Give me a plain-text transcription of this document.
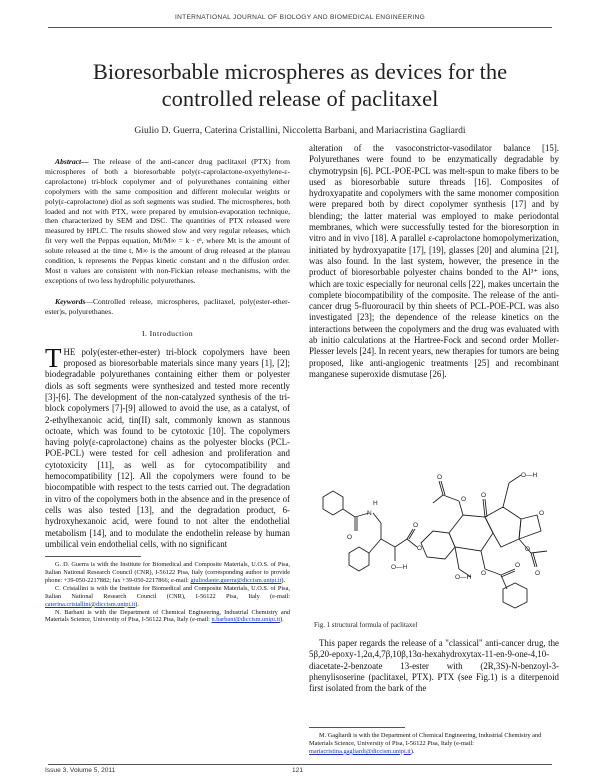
INTERNATIONAL JOURNAL OF BIOLOGY AND BIOMEDICAL ENGINEERING
Bioresorbable microspheres as devices for the
controlled release of paclitaxel
Giulio D. Guerra, Caterina Cristallini, Niccoletta Barbani, and Mariacristina Gagliardi

Abstract— The release of the anti-cancer drug paclitaxel (PTX) from microspheres of both a bioresorbable poly(ε-caprolactone-oxyethylene-ε-caprolactone) tri-block copolymer and of polyurethanes containing either copolymers with the same composition and different molecular weights or poly(ε-caprolactone) diol as soft segments was studied. The microspheres, both loaded and not with PTX, were prepared by emulsion-evaporation technique, then characterized by SEM and DSC. The quantities of PTX released were measured by HPLC. The results showed slow and very regular releases, which fit very well the Peppas equation, Mt/M∞ = k · tⁿ, where Mt is the amount of solute released at the time t, M∞ is the amount of drug released at the plateau condition, k represents the Peppas kinetic constant and n the diffusion order. Most n values are consistent with non-Fickian release mechanisms, with the exceptions of two less hydrophilic polyurethanes.

Keywords—Controlled release, microspheres, paclitaxel, poly(ester-ether-ester)s, polyurethanes.

I. Introduction

THE poly(ester-ether-ester) tri-block copolymers have been proposed as bioresorbable materials since many years [1], [2]; biodegradable polyurethanes containing either them or polyester diols as soft segments were synthesized and tested more recently [3]-[6]. The development of the non-catalyzed synthesis of the tri-block copolymers [7]-[9] allowed to avoid the use, as a catalyst, of 2-ethylhexanoic acid, tin(II) salt, commonly known as stannous octoate, which was found to be cytotoxic [10]. The copolymers having poly(ε-caprolactone) chains as the polyester blocks (PCL-POE-PCL) were tested for cell adhesion and proliferation and cytotoxicity [11], as well as for cytocompatibility and hemocompatibility [12]. All the copolymers were found to be biocompatible with respect to the tests carried out. The degradation in vitro of the copolymers both in the absence and in the presence of cells was also tested [13], and the degradation product, 6-hydroxyhexanoic acid, were found to not alter the endothelial metabolism [14], and to modulate the endothelin release by human umbilical vein endothelial cells, with no significant

G. D. Guerra is with the Institute for Biomedical and Composite Materials, U.O.S. of Pisa, Italian National Research Council (CNR), I-56122 Pisa, Italy (corresponding author to provide phone: +39-050-2217882; fax +39-050-2217866; e-mail: giuliodante.guerra@diccism.unipi.it).

C. Cristallini is with the Institute for Biomedical and Composite Materials, U.O.S. of Pisa, Italian National Research Council (CNR), I-56122 Pisa, Italy (e-mail: caterina.cristallini@diccism.unipi.it).

N. Barbani is with the Department of Chemical Engineering, Industrial Chemistry and Materials Science, University of Pisa, I-56122 Pisa, Italy (e-mail: n.barbani@diccism.unipi.it).

alteration of the vasoconstrictor-vasodilator balance [15]. Polyurethanes were found to be enzymatically degradable by chymotrypsin [6]. PCL-POE-PCL was melt-spun to make fibers to be used as bioresorbable suture threads [16]. Composites of hydroxyapatite and copolymers with the same monomer composition were prepared both by direct copolymer synthesis [17] and by blending; the latter material was employed to make periodontal membranes, which were successfully tested for the bioresorption in vitro and in vivo [18]. A parallel ε-caprolactone homopolymerization, initiated by hydroxyapatite [17], [19], glasses [20] and alumina [21], was also found. In the last system, however, the presence in the product of bioresorbable polyester chains bonded to the Al³⁺ ions, which are toxic especially for neuronal cells [22], makes uncertain the complete biocompatibility of the composite. The release of the anti-cancer drug 5-fluorouracil by thin sheets of PCL-POE-PCL was also investigated [23]; the dependence of the release kinetics on the interactions between the copolymers and the drug was evaluated with ab initio calculations at the Hartree-Fock and second order Moller-Plesser levels [24]. In recent years, new therapies for tumors are being proposed, like anti-angiogenic treatments [25] and recombinant manganese superoxide dismutase [26].

O
N
H
O—H
O
O
O
O
O
O—H
O
O
O
O
O
O—H
Fig. 1 structural formula of paclitaxel

This paper regards the release of a "classical" anti-cancer drug, the 5β,20-epoxy-1,2α,4,7β,10β,13α-hexahydroxytax-11-en-9-one-4,10-diacetate-2-benzoate 13-ester with (2R,3S)-N-benzoyl-3-phenylisoserine (paclitaxel, PTX). PTX (see Fig.1) is a diterpenoid first isolated from the bark of the

M. Gagliardi is with the Department of Chemical Engineering, Industrial Chemistry and Materials Science, University of Pisa, I-56122 Pisa, Italy (e-mail: mariacristina.gagliardi@diccism.unipi.it).

Issue 3, Volume 5, 2011	121
